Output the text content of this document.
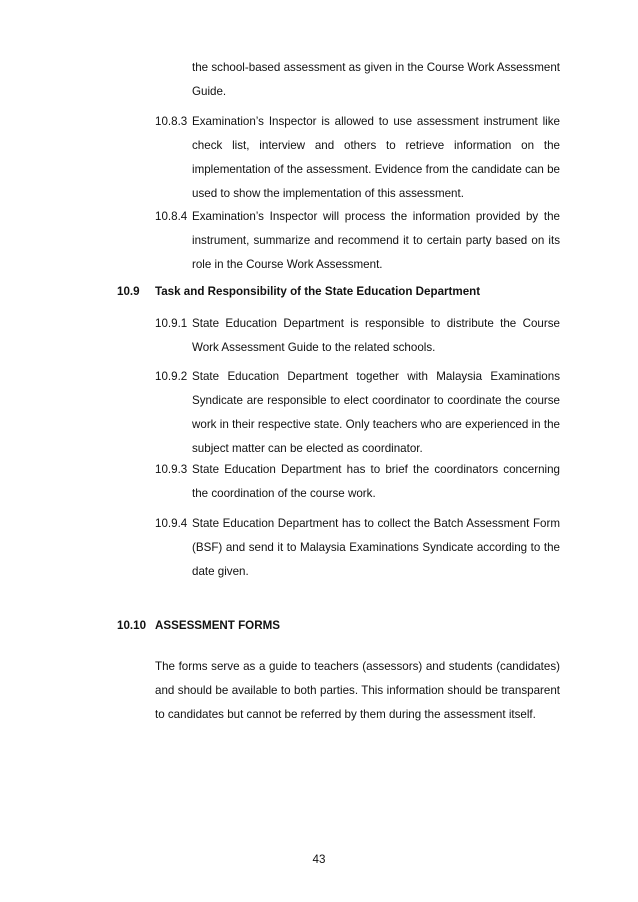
the school-based assessment as given in the Course Work Assessment Guide.

10.8.3 Examination’s Inspector is allowed to use assessment instrument like check list, interview and others to retrieve information on the implementation of the assessment. Evidence from the candidate can be used to show the implementation of this assessment.

10.8.4 Examination’s Inspector will process the information provided by the instrument, summarize and recommend it to certain party based on its role in the Course Work Assessment.

10.9 Task and Responsibility of the State Education Department
10.9.1 State Education Department is responsible to distribute the Course Work Assessment Guide to the related schools.

10.9.2 State Education Department together with Malaysia Examinations Syndicate are responsible to elect coordinator to coordinate the course work in their respective state. Only teachers who are experienced in the subject matter can be elected as coordinator.

10.9.3 State Education Department has to brief the coordinators concerning the coordination of the course work.

10.9.4 State Education Department has to collect the Batch Assessment Form (BSF) and send it to Malaysia Examinations Syndicate according to the date given.

10.10 ASSESSMENT FORMS

The forms serve as a guide to teachers (assessors) and students (candidates) and should be available to both parties. This information should be transparent to candidates but cannot be referred by them during the assessment itself.

43
